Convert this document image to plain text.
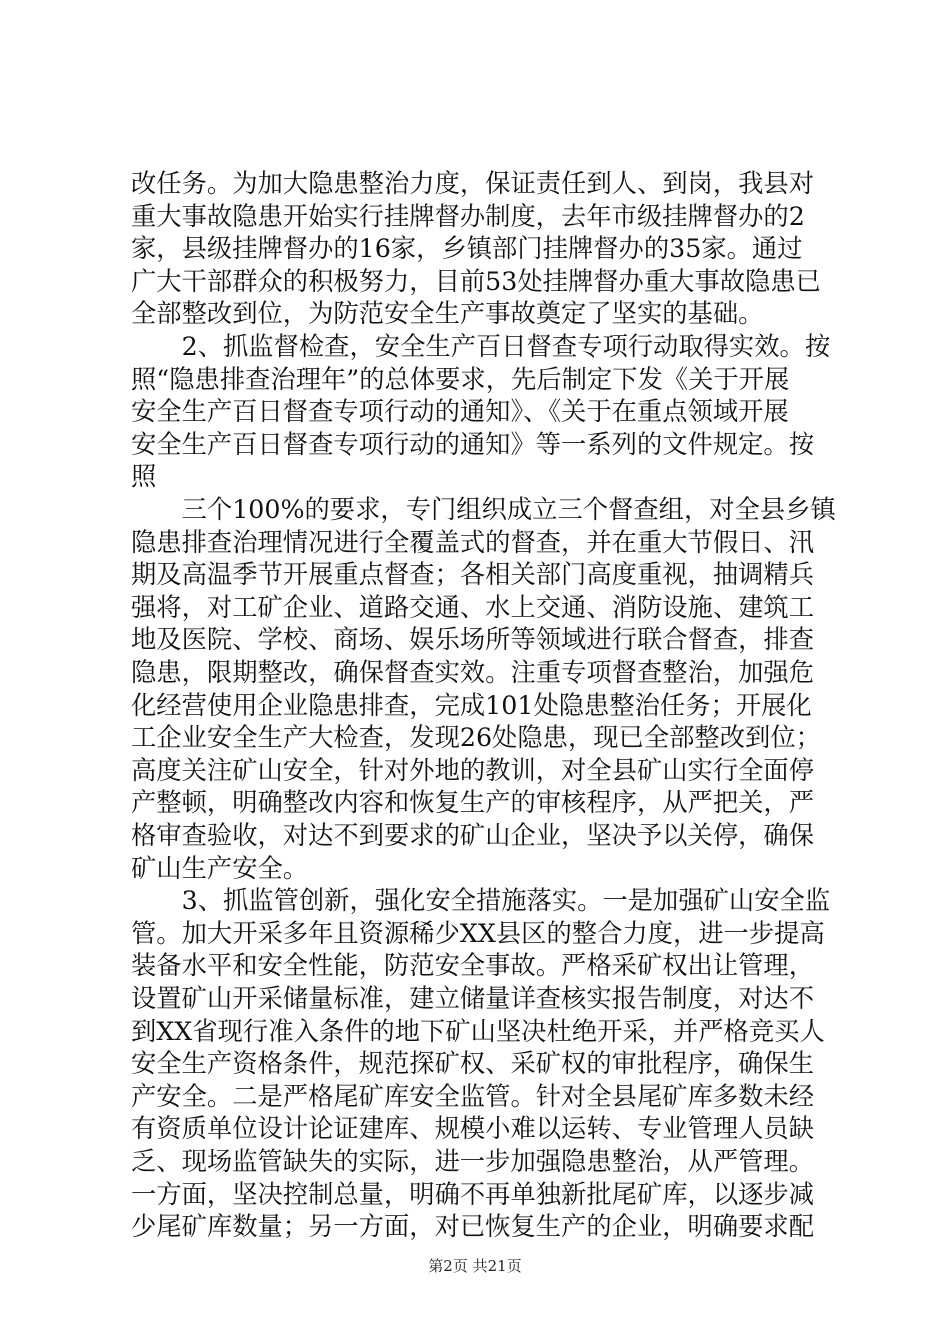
改任务。为加大隐患整治力度，保证责任到人、到岗，我县对
重大事故隐患开始实行挂牌督办制度，去年市级挂牌督办的2
家，县级挂牌督办的16家，乡镇部门挂牌督办的35家。通过
广大干部群众的积极努力，目前53处挂牌督办重大事故隐患已
全部整改到位，为防范安全生产事故奠定了坚实的基础。
　　2、抓监督检查，安全生产百日督查专项行动取得实效。按
照“隐患排查治理年”的总体要求，先后制定下发《关于开展
安全生产百日督查专项行动的通知》、《关于在重点领域开展
安全生产百日督查专项行动的通知》等一系列的文件规定。按
照
　　三个100%的要求，专门组织成立三个督查组，对全县乡镇
隐患排查治理情况进行全覆盖式的督查，并在重大节假日、汛
期及高温季节开展重点督查；各相关部门高度重视，抽调精兵
强将，对工矿企业、道路交通、水上交通、消防设施、建筑工
地及医院、学校、商场、娱乐场所等领域进行联合督查，排查
隐患，限期整改，确保督查实效。注重专项督查整治，加强危
化经营使用企业隐患排查，完成101处隐患整治任务；开展化
工企业安全生产大检查，发现26处隐患，现已全部整改到位；
高度关注矿山安全，针对外地的教训，对全县矿山实行全面停
产整顿，明确整改内容和恢复生产的审核程序，从严把关，严
格审查验收，对达不到要求的矿山企业，坚决予以关停，确保
矿山生产安全。
　　3、抓监管创新，强化安全措施落实。一是加强矿山安全监
管。加大开采多年且资源稀少XX县区的整合力度，进一步提高
装备水平和安全性能，防范安全事故。严格采矿权出让管理，
设置矿山开采储量标准，建立储量详查核实报告制度，对达不
到XX省现行准入条件的地下矿山坚决杜绝开采，并严格竞买人
安全生产资格条件，规范探矿权、采矿权的审批程序，确保生
产安全。二是严格尾矿库安全监管。针对全县尾矿库多数未经
有资质单位设计论证建库、规模小难以运转、专业管理人员缺
乏、现场监管缺失的实际，进一步加强隐患整治，从严管理。
一方面，坚决控制总量，明确不再单独新批尾矿库，以逐步减
少尾矿库数量；另一方面，对已恢复生产的企业，明确要求配
第2页 共21页
